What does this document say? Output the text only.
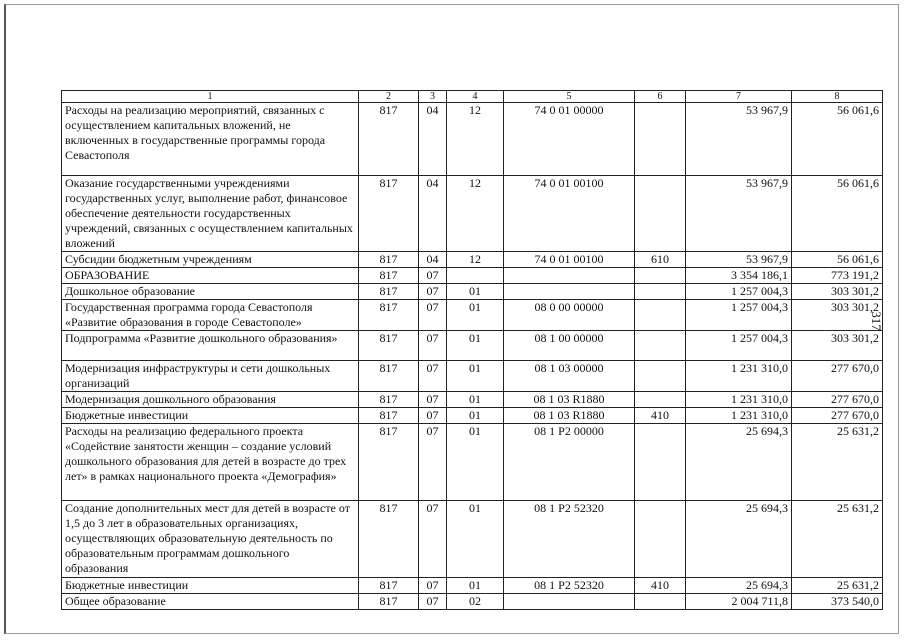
1	2	3	4	5	6	7	8
Расходы на реализацию мероприятий, связанных с осуществлением капитальных вложений, не включенных в государственные программы города Севастополя	817	04	12	74 0 01 00000		53 967,9	56 061,6
Оказание государственными учреждениями государственных услуг, выполнение работ, финансовое обеспечение деятельности государственных учреждений, связанных с осуществлением капитальных вложений	817	04	12	74 0 01 00100		53 967,9	56 061,6
Субсидии бюджетным учреждениям	817	04	12	74 0 01 00100	610	53 967,9	56 061,6
ОБРАЗОВАНИЕ	817	07				3 354 186,1	773 191,2
Дошкольное образование	817	07	01			1 257 004,3	303 301,2
Государственная программа города Севастополя «Развитие образования в городе Севастополе»	817	07	01	08 0 00 00000		1 257 004,3	303 301,2
Подпрограмма «Развитие дошкольного образования»	817	07	01	08 1 00 00000		1 257 004,3	303 301,2
Модернизация инфраструктуры и сети дошкольных организаций	817	07	01	08 1 03 00000		1 231 310,0	277 670,0
Модернизация дошкольного образования	817	07	01	08 1 03 R1880		1 231 310,0	277 670,0
Бюджетные инвестиции	817	07	01	08 1 03 R1880	410	1 231 310,0	277 670,0
Расходы на реализацию федерального проекта «Содействие занятости женщин – создание условий дошкольного образования для детей в возрасте до трех лет» в рамках национального проекта «Демография»	817	07	01	08 1 P2 00000		25 694,3	25 631,2
Создание дополнительных мест для детей в возрасте от 1,5 до 3 лет в образовательных организациях, осуществляющих образовательную деятельность по образовательным программам дошкольного образования	817	07	01	08 1 P2 52320		25 694,3	25 631,2
Бюджетные инвестиции	817	07	01	08 1 P2 52320	410	25 694,3	25 631,2
Общее образование	817	07	02			2 004 711,8	373 540,0
317
